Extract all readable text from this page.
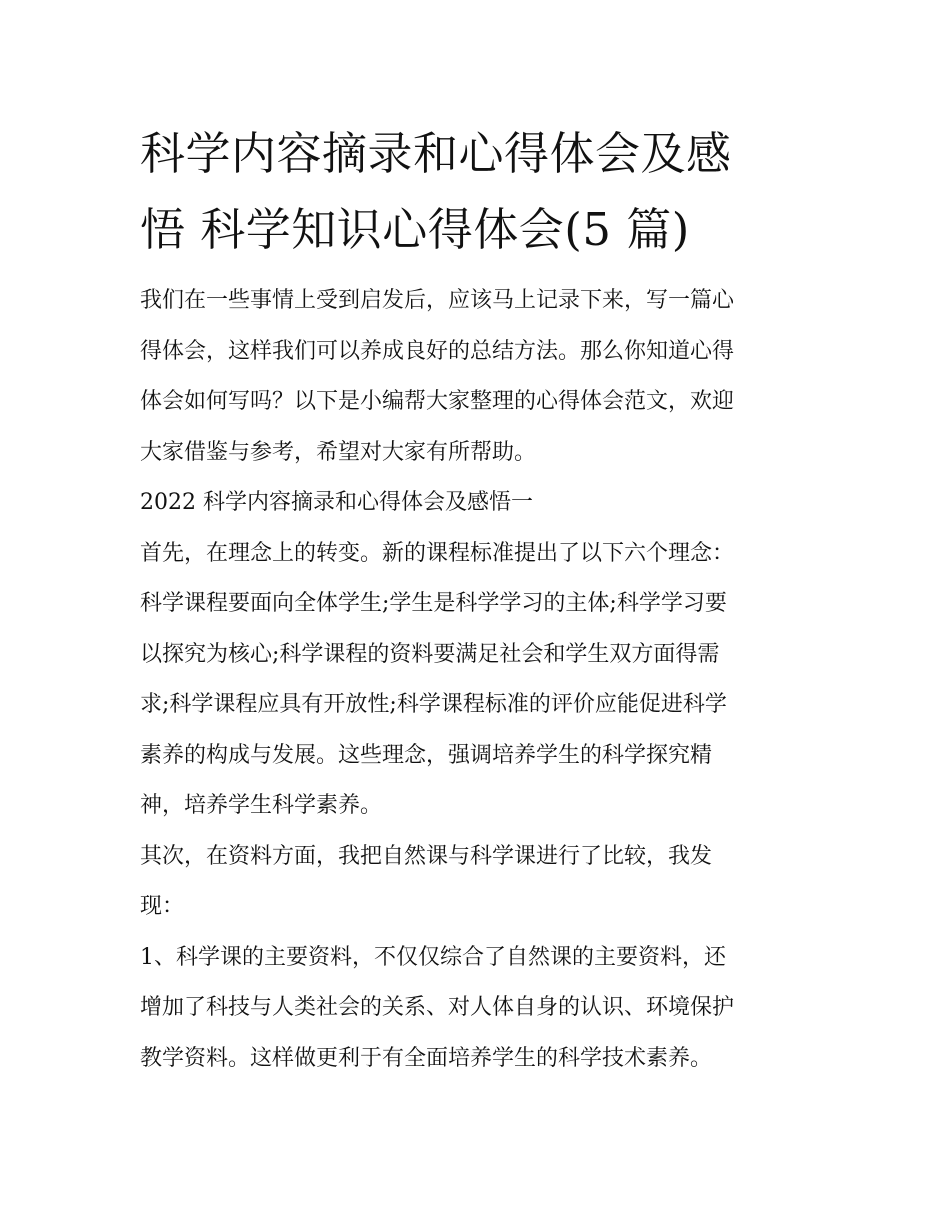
科学内容摘录和心得体会及感
悟 科学知识心得体会(5 篇)
我们在一些事情上受到启发后，应该马上记录下来，写一篇心
得体会，这样我们可以养成良好的总结方法。那么你知道心得
体会如何写吗？以下是小编帮大家整理的心得体会范文，欢迎
大家借鉴与参考，希望对大家有所帮助。
2022 科学内容摘录和心得体会及感悟一
首先，在理念上的转变。新的课程标准提出了以下六个理念：
科学课程要面向全体学生;学生是科学学习的主体;科学学习要
以探究为核心;科学课程的资料要满足社会和学生双方面得需
求;科学课程应具有开放性;科学课程标准的评价应能促进科学
素养的构成与发展。这些理念，强调培养学生的科学探究精
神，培养学生科学素养。
其次，在资料方面，我把自然课与科学课进行了比较，我发
现：
1、科学课的主要资料，不仅仅综合了自然课的主要资料，还
增加了科技与人类社会的关系、对人体自身的认识、环境保护
教学资料。这样做更利于有全面培养学生的科学技术素养。
